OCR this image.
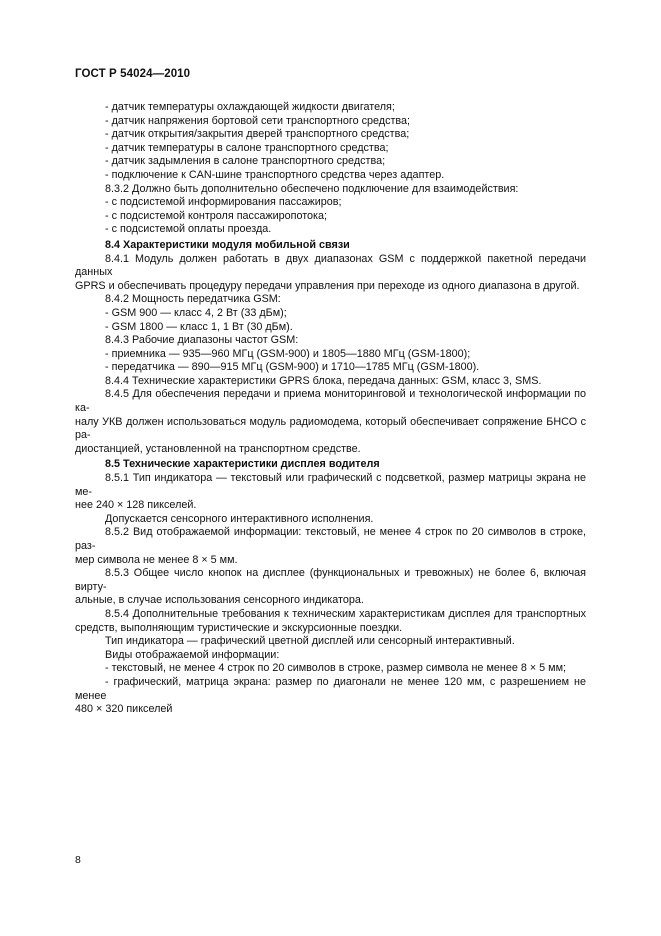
ГОСТ Р 54024—2010

- датчик температуры охлаждающей жидкости двигателя;

- датчик напряжения бортовой сети транспортного средства;

- датчик открытия/закрытия дверей транспортного средства;

- датчик температуры в салоне транспортного средства;

- датчик задымления в салоне транспортного средства;

- подключение к CAN-шине транспортного средства через адаптер.

8.3.2 Должно быть дополнительно обеспечено подключение для взаимодействия:

- с подсистемой информирования пассажиров;

- с подсистемой контроля пассажиропотока;

- с подсистемой оплаты проезда.

8.4 Характеристики модуля мобильной связи

8.4.1 Модуль должен работать в двух диапазонах GSM с поддержкой пакетной передачи данных

GPRS и обеспечивать процедуру передачи управления при переходе из одного диапазона в другой.

8.4.2 Мощность передатчика GSM:

- GSM 900 — класс 4, 2 Вт (33 дБм);

- GSM 1800 — класс 1, 1 Вт (30 дБм).

8.4.3 Рабочие диапазоны частот GSM:

- приемника — 935—960 МГц (GSM-900) и 1805—1880 МГц (GSM-1800);

- передатчика — 890—915 МГц (GSM-900) и 1710—1785 МГц (GSM-1800).

8.4.4 Технические характеристики GPRS блока, передача данных: GSM, класс 3, SMS.

8.4.5 Для обеспечения передачи и приема мониторинговой и технологической информации по ка-

налу УКВ должен использоваться модуль радиомодема, который обеспечивает сопряжение БНСО с ра-

диостанцией, установленной на транспортном средстве.

8.5 Технические характеристики дисплея водителя

8.5.1 Тип индикатора — текстовый или графический с подсветкой, размер матрицы экрана не ме-

нее 240 × 128 пикселей.

Допускается сенсорного интерактивного исполнения.

8.5.2 Вид отображаемой информации: текстовый, не менее 4 строк по 20 символов в строке, раз-

мер символа не менее 8 × 5 мм.

8.5.3 Общее число кнопок на дисплее (функциональных и тревожных) не более 6, включая вирту-

альные, в случае использования сенсорного индикатора.

8.5.4 Дополнительные требования к техническим характеристикам дисплея для транспортных

средств, выполняющим туристические и экскурсионные поездки.

Тип индикатора — графический цветной дисплей или сенсорный интерактивный.

Виды отображаемой информации:

- текстовый, не менее 4 строк по 20 символов в строке, размер символа не менее 8 × 5 мм;

- графический, матрица экрана: размер по диагонали не менее 120 мм, с разрешением не менее

480 × 320 пикселей

8
